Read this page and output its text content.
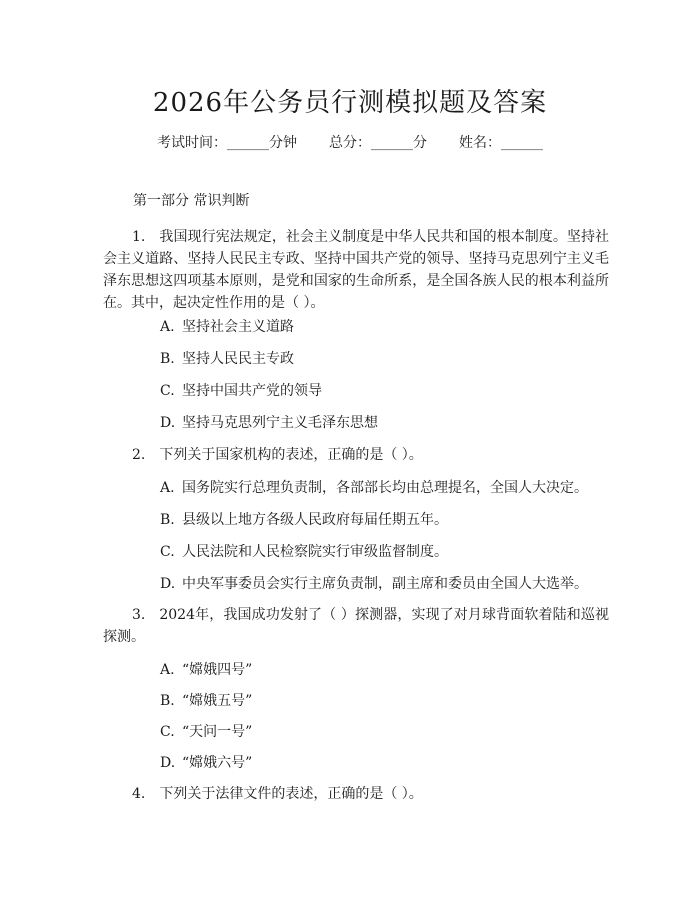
2026年公务员行测模拟题及答案
考试时间：______分钟 总分：______分 姓名：______
第一部分 常识判断
1. 我国现行宪法规定，社会主义制度是中华人民共和国的根本制度。坚持社会主义道路、坚持人民民主专政、坚持中国共产党的领导、坚持马克思列宁主义毛泽东思想这四项基本原则，是党和国家的生命所系，是全国各族人民的根本利益所在。其中，起决定性作用的是（ ）。
A. 坚持社会主义道路
B. 坚持人民民主专政
C. 坚持中国共产党的领导
D. 坚持马克思列宁主义毛泽东思想
2. 下列关于国家机构的表述，正确的是（ ）。
A. 国务院实行总理负责制，各部部长均由总理提名，全国人大决定。
B. 县级以上地方各级人民政府每届任期五年。
C. 人民法院和人民检察院实行审级监督制度。
D. 中央军事委员会实行主席负责制，副主席和委员由全国人大选举。
3. 2024年，我国成功发射了（ ）探测器，实现了对月球背面软着陆和巡视探测。
A. “嫦娥四号”
B. “嫦娥五号”
C. “天问一号”
D. “嫦娥六号”
4. 下列关于法律文件的表述，正确的是（ ）。
